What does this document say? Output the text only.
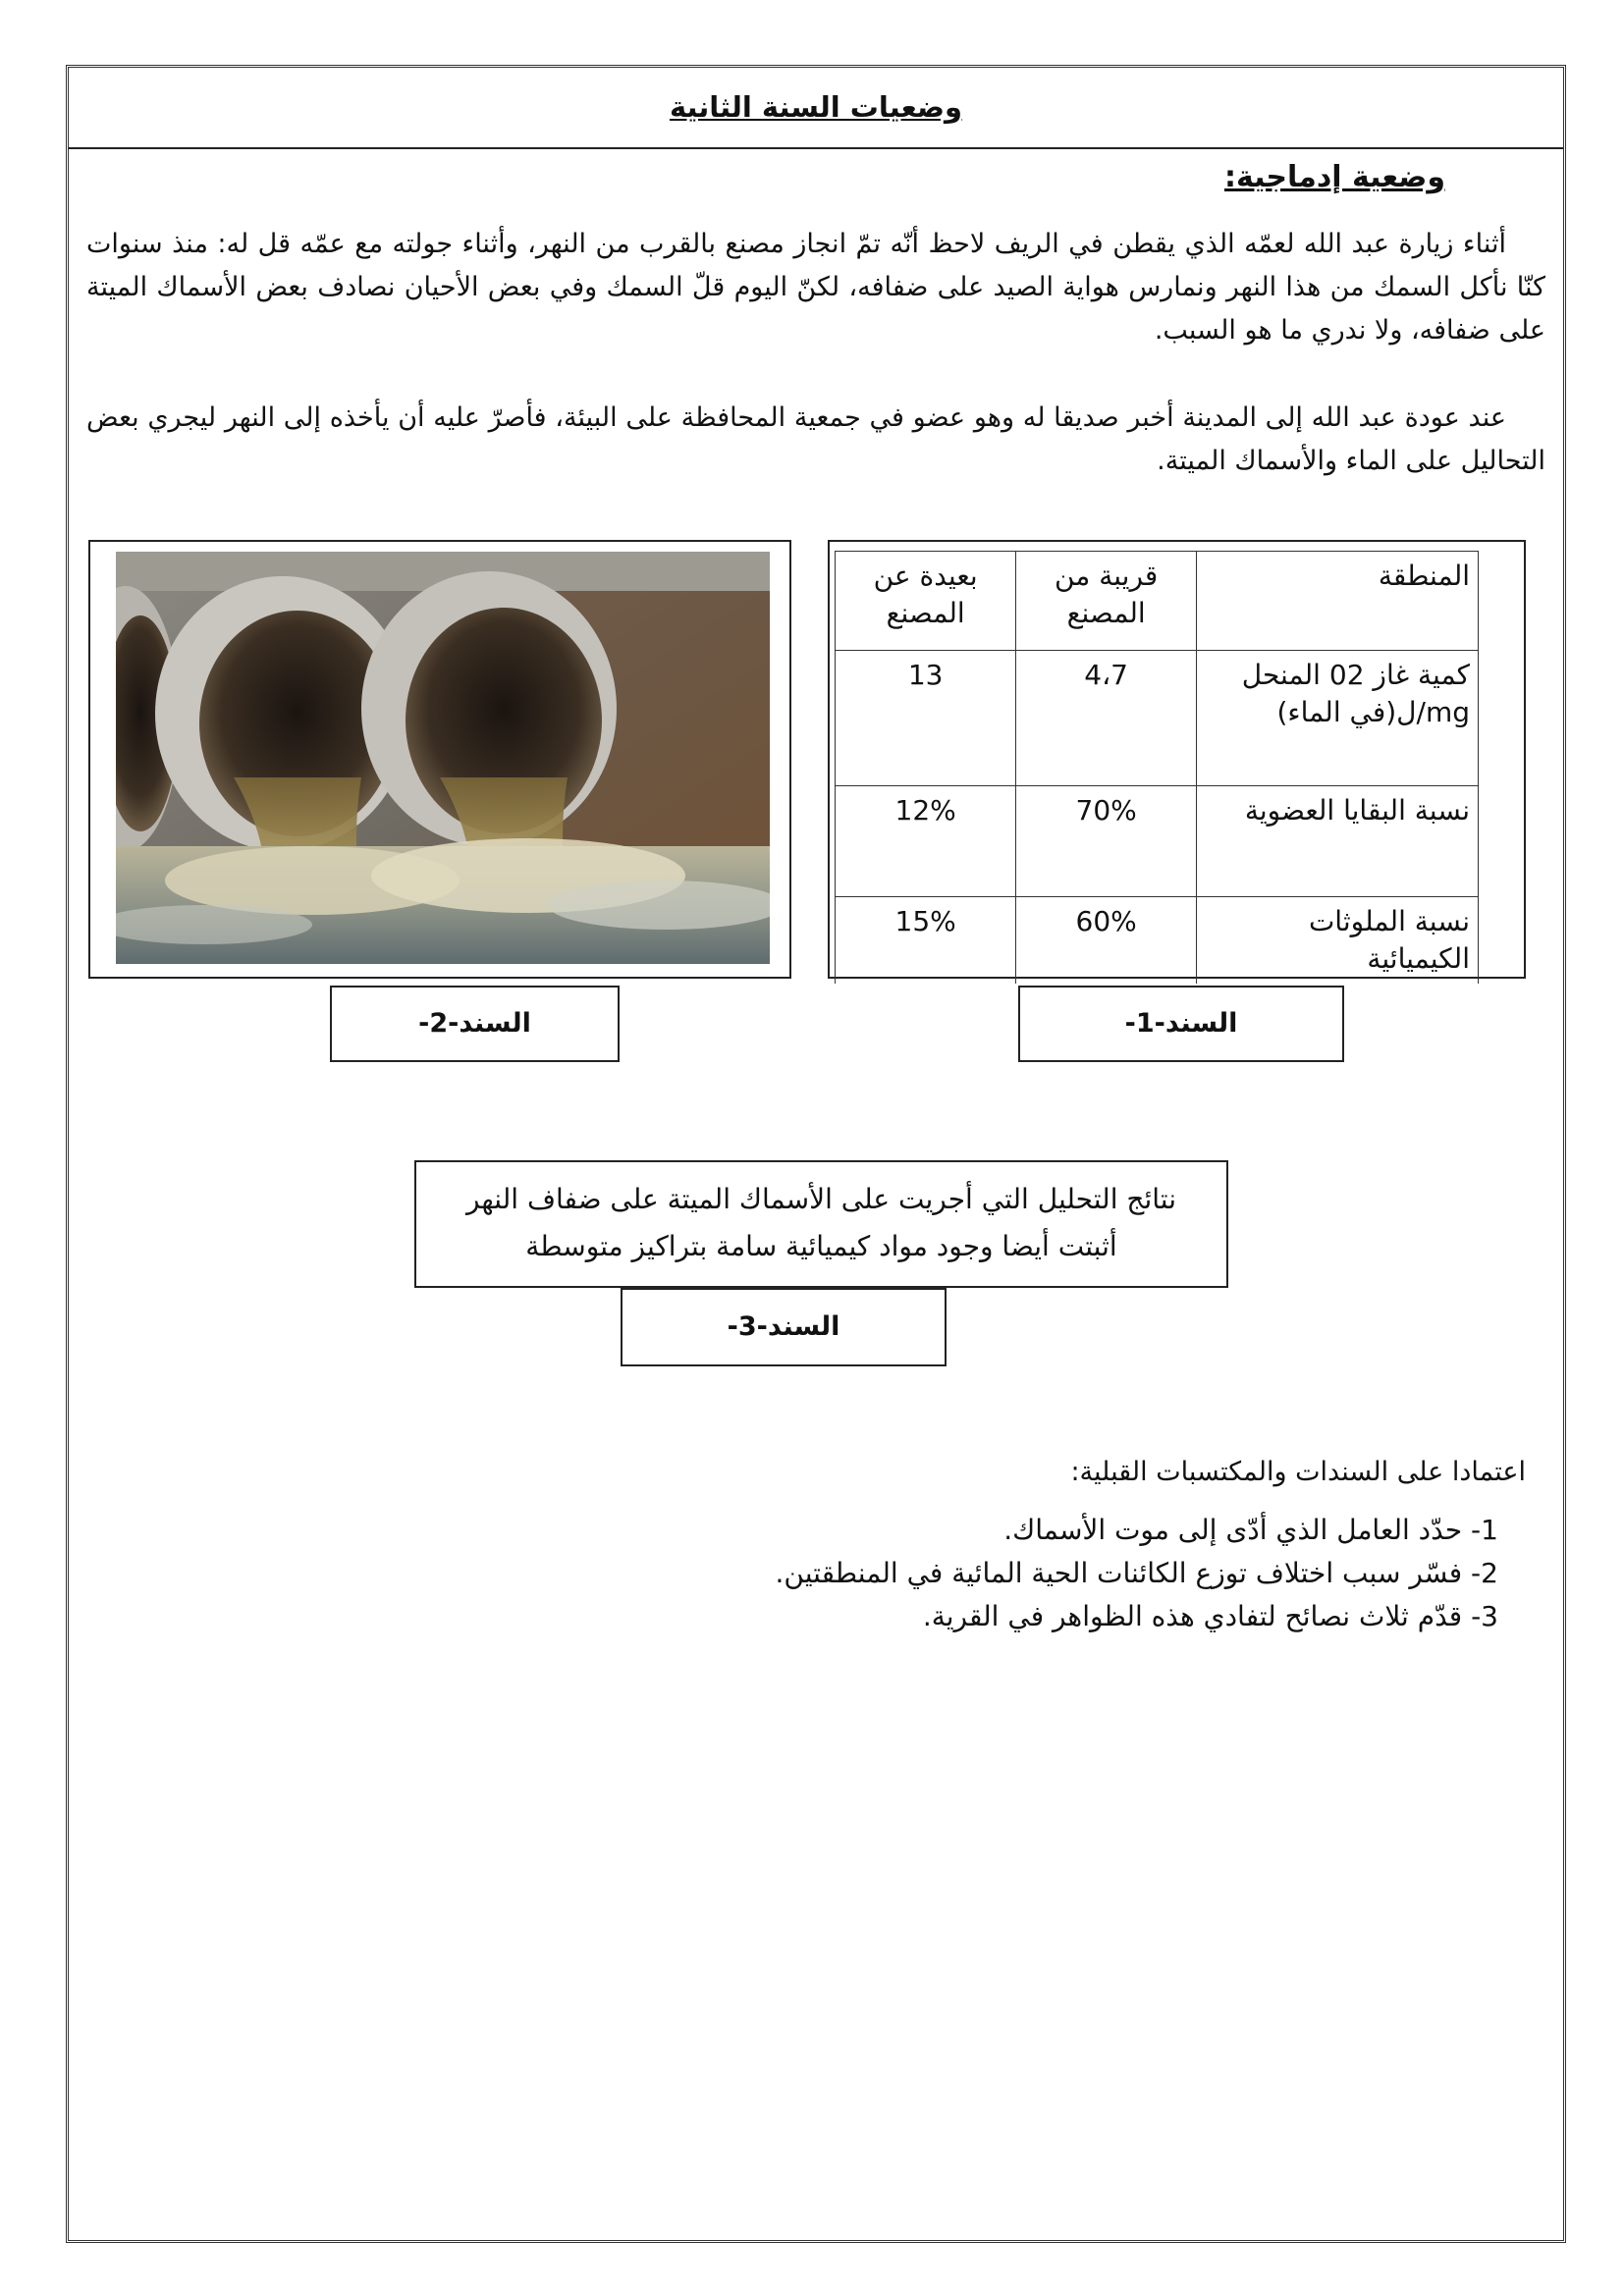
وضعيات السنة الثانية

وضعية إدماجية:

أثناء زيارة عبد الله لعمّه الذي يقطن في الريف لاحظ أنّه تمّ انجاز مصنع بالقرب من النهر، وأثناء جولته مع عمّه قل له: منذ سنوات كنّا نأكل السمك من هذا النهر ونمارس هواية الصيد على ضفافه، لكنّ اليوم قلّ السمك وفي بعض الأحيان نصادف بعض الأسماك الميتة على ضفافه، ولا ندري ما هو السبب.

عند عودة عبد الله إلى المدينة أخبر صديقا له وهو عضو في جمعية المحافظة على البيئة، فأصرّ عليه أن يأخذه إلى النهر ليجري بعض التحاليل على الماء والأسماك الميتة.

المنطقة	قريبة من المصنع	بعيدة عن المصنع
كمية غاز 02 المنحل mg/ل(في الماء)	4،7	13
نسبة البقايا العضوية	70%	12%
نسبة الملوثات الكيميائية	60%	15%
السند-1-
السند-2-

نتائج التحليل التي أجريت على الأسماك الميتة على ضفاف النهر

أثبتت أيضا وجود مواد كيميائية سامة بتراكيز متوسطة

السند-3-

اعتمادا على السندات والمكتسبات القبلية:

1- حدّد العامل الذي أدّى إلى موت الأسماك.
2- فسّر سبب اختلاف توزع الكائنات الحية المائية في المنطقتين.
3- قدّم ثلاث نصائح لتفادي هذه الظواهر في القرية.
